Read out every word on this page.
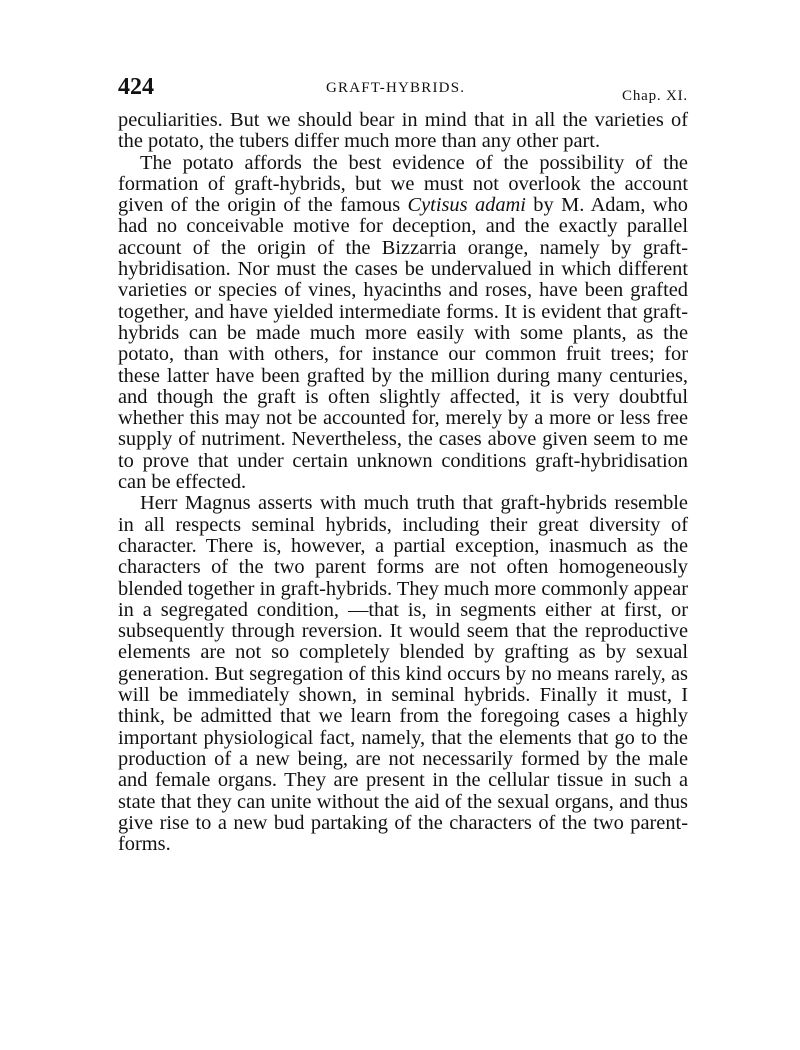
424	GRAFT-HYBRIDS.	Chap. XI.

peculiarities. But we should bear in mind that in all the varieties of the potato, the tubers differ much more than any other part.

The potato affords the best evidence of the possibility of the formation of graft-hybrids, but we must not overlook the account given of the origin of the famous Cytisus adami by M. Adam, who had no conceivable motive for deception, and the exactly parallel account of the origin of the Bizzarria orange, namely by graft-hybridisation. Nor must the cases be undervalued in which different varieties or species of vines, hyacinths and roses, have been grafted together, and have yielded intermediate forms. It is evident that graft-hybrids can be made much more easily with some plants, as the potato, than with others, for instance our common fruit trees; for these latter have been grafted by the million during many centuries, and though the graft is often slightly affected, it is very doubtful whether this may not be accounted for, merely by a more or less free supply of nutriment. Nevertheless, the cases above given seem to me to prove that under certain unknown conditions graft-hybridisation can be effected.

Herr Magnus asserts with much truth that graft-hybrids resemble in all respects seminal hybrids, including their great diversity of character. There is, however, a partial exception, inasmuch as the characters of the two parent forms are not often homogeneously blended together in graft-hybrids. They much more commonly appear in a segregated condition, —that is, in segments either at first, or subsequently through reversion. It would seem that the reproductive elements are not so completely blended by grafting as by sexual generation. But segregation of this kind occurs by no means rarely, as will be immediately shown, in seminal hybrids. Finally it must, I think, be admitted that we learn from the foregoing cases a highly important physiological fact, namely, that the elements that go to the production of a new being, are not necessarily formed by the male and female organs. They are present in the cellular tissue in such a state that they can unite without the aid of the sexual organs, and thus give rise to a new bud partaking of the characters of the two parent-forms.
